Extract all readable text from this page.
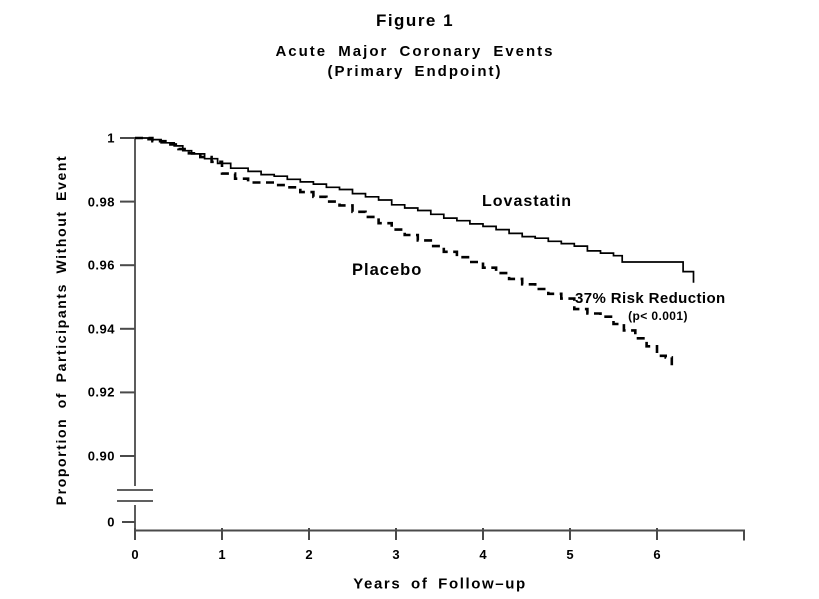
Figure 1
Acute Major Coronary Events
(Primary Endpoint)
Proportion of Participants Without Event
Years of Follow–up
1
0.98
0.96
0.94
0.92
0.90
0
0	1	2	3	4	5	6
Lovastatin
Placebo
37% Risk Reduction
(p< 0.001)
